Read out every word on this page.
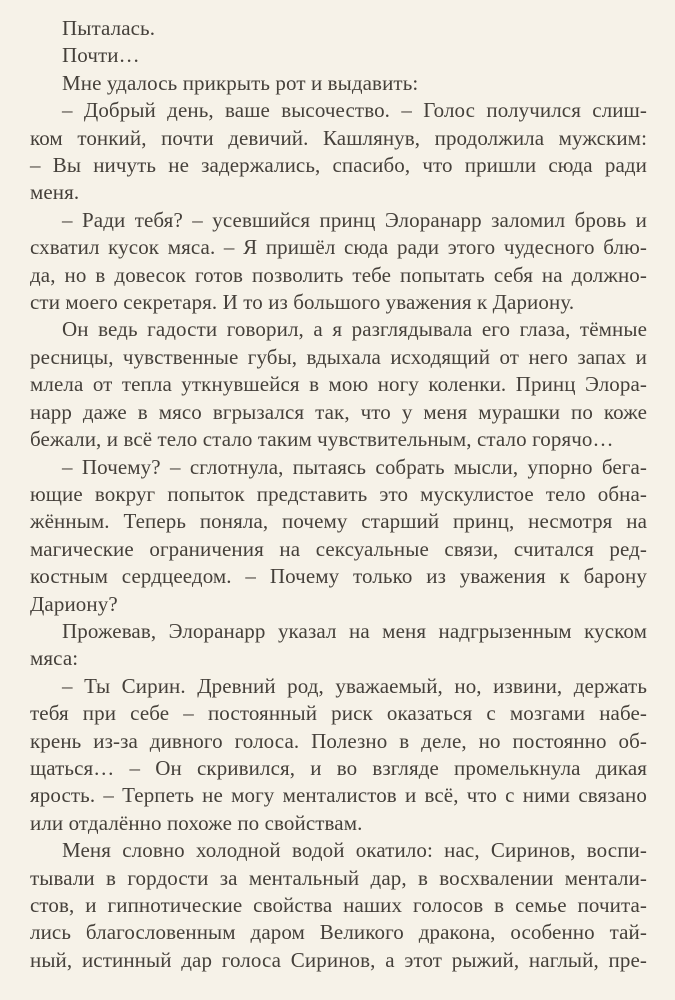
Пыталась.

Почти…

Мне удалось прикрыть рот и выдавить:

– Добрый день, ваше высочество. – Голос получился слиш-
ком тонкий, почти девичий. Кашлянув, продолжила мужским:
– Вы ничуть не задержались, спасибо, что пришли сюда ради
меня.

– Ради тебя? – усевшийся принц Элоранарр заломил бровь и
схватил кусок мяса. – Я пришёл сюда ради этого чудесного блю-
да, но в довесок готов позволить тебе попытать себя на должно-
сти моего секретаря. И то из большого уважения к Дариону.

Он ведь гадости говорил, а я разглядывала его глаза, тёмные
ресницы, чувственные губы, вдыхала исходящий от него запах и
млела от тепла уткнувшейся в мою ногу коленки. Принц Элора-
нарр даже в мясо вгрызался так, что у меня мурашки по коже
бежали, и всё тело стало таким чувствительным, стало горячо…

– Почему? – сглотнула, пытаясь собрать мысли, упорно бега-
ющие вокруг попыток представить это мускулистое тело обна-
жённым. Теперь поняла, почему старший принц, несмотря на
магические ограничения на сексуальные связи, считался ред-
костным сердцеедом. – Почему только из уважения к барону
Дариону?

Прожевав, Элоранарр указал на меня надгрызенным куском
мяса:

– Ты Сирин. Древний род, уважаемый, но, извини, держать
тебя при себе – постоянный риск оказаться с мозгами набе-
крень из-за дивного голоса. Полезно в деле, но постоянно об-
щаться… – Он скривился, и во взгляде промелькнула дикая
ярость. – Терпеть не могу менталистов и всё, что с ними связано
или отдалённо похоже по свойствам.

Меня словно холодной водой окатило: нас, Сиринов, воспи-
тывали в гордости за ментальный дар, в восхвалении ментали-
стов, и гипнотические свойства наших голосов в семье почита-
лись благословенным даром Великого дракона, особенно тай-
ный, истинный дар голоса Сиринов, а этот рыжий, наглый, пре-
